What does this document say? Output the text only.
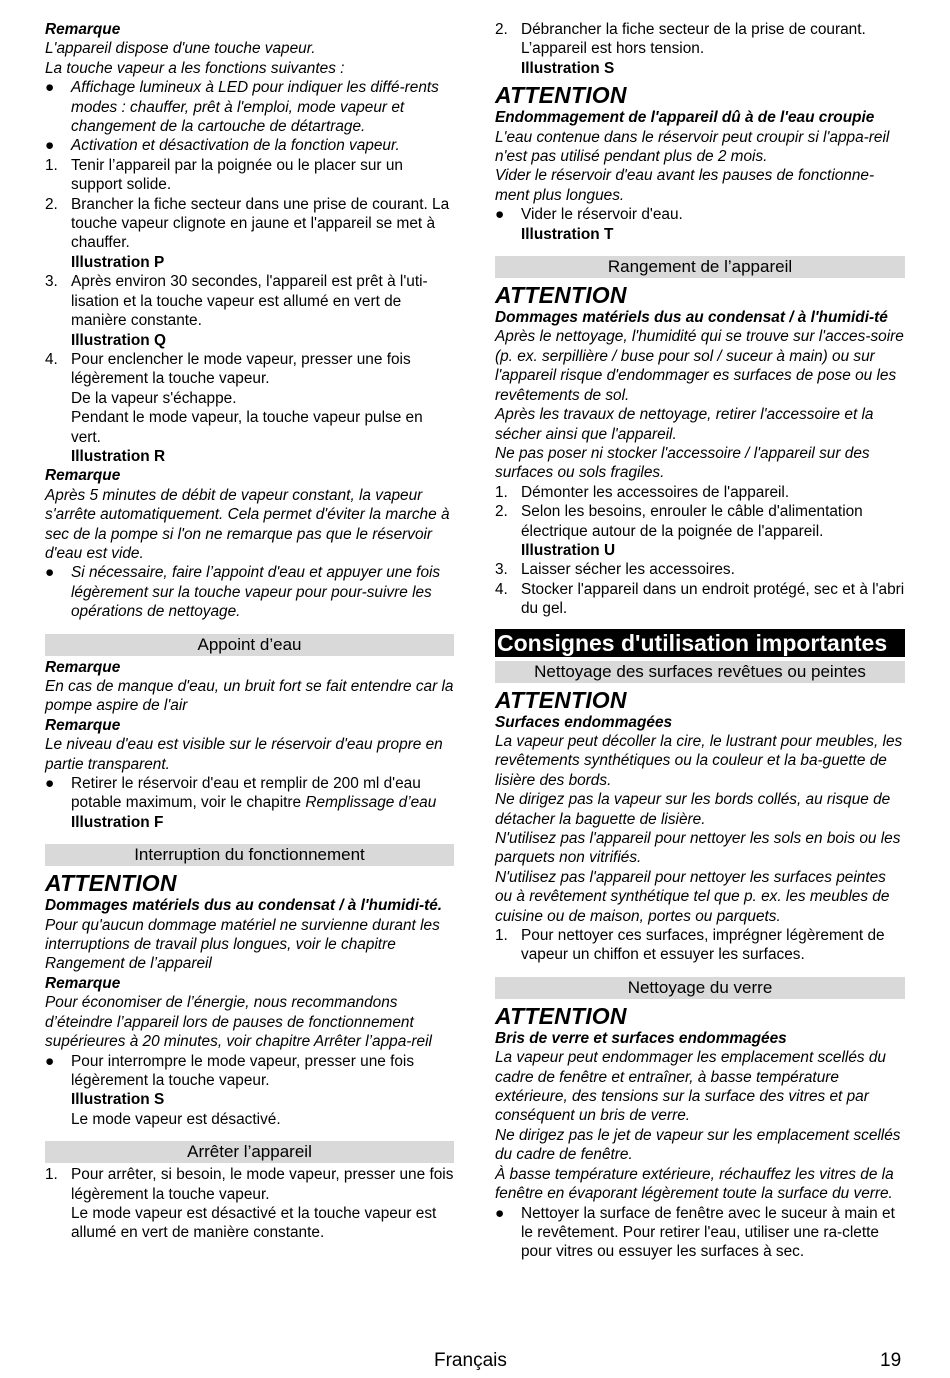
Remarque

L'appareil dispose d'une touche vapeur.

La touche vapeur a les fonctions suivantes :

● Affichage lumineux à LED pour indiquer les diffé-rents modes : chauffer, prêt à l'emploi, mode vapeur et changement de la cartouche de détartrage.
● Activation et désactivation de la fonction vapeur.
1. Tenir l’appareil par la poignée ou le placer sur un support solide.
2. Brancher la fiche secteur dans une prise de courant. La touche vapeur clignote en jaune et l'appareil se met à chauffer.

Illustration P

3. Après environ 30 secondes, l'appareil est prêt à l'uti-lisation et la touche vapeur est allumé en vert de manière constante.

Illustration Q

4. Pour enclencher le mode vapeur, presser une fois légèrement la touche vapeur.

De la vapeur s'échappe.

Pendant le mode vapeur, la touche vapeur pulse en vert.

Illustration R

Remarque

Après 5 minutes de débit de vapeur constant, la vapeur s'arrête automatiquement. Cela permet d'éviter la marche à sec de la pompe si l'on ne remarque pas que le réservoir d'eau est vide.

● Si nécessaire, faire l’appoint d'eau et appuyer une fois légèrement sur la touche vapeur pour pour-suivre les opérations de nettoyage.
Appoint d’eau

Remarque

En cas de manque d'eau, un bruit fort se fait entendre car la pompe aspire de l'air

Remarque

Le niveau d'eau est visible sur le réservoir d'eau propre en partie transparent.

● Retirer le réservoir d'eau et remplir de 200 ml d'eau potable maximum, voir le chapitre Remplissage d’eau

Illustration F

Interruption du fonctionnement

ATTENTION

Dommages matériels dus au condensat / à l'humidi-té.

Pour qu'aucun dommage matériel ne survienne durant les interruptions de travail plus longues, voir le chapitre Rangement de l’appareil

Remarque

Pour économiser de l’énergie, nous recommandons d’éteindre l’appareil lors de pauses de fonctionnement supérieures à 20 minutes, voir chapitre Arrêter l’appa-reil

● Pour interrompre le mode vapeur, presser une fois légèrement la touche vapeur.

Illustration S

Le mode vapeur est désactivé.

Arrêter l’appareil
1. Pour arrêter, si besoin, le mode vapeur, presser une fois légèrement la touche vapeur.

Le mode vapeur est désactivé et la touche vapeur est allumé en vert de manière constante.

2. Débrancher la fiche secteur de la prise de courant. L’appareil est hors tension.

Illustration S

ATTENTION

Endommagement de l'appareil dû à de l'eau croupie

L'eau contenue dans le réservoir peut croupir si l'appa-reil n'est pas utilisé pendant plus de 2 mois.

Vider le réservoir d'eau avant les pauses de fonctionne-ment plus longues.

● Vider le réservoir d'eau.

Illustration T

Rangement de l’appareil

ATTENTION

Dommages matériels dus au condensat / à l'humidi-té

Après le nettoyage, l'humidité qui se trouve sur l'acces-soire (p. ex. serpillière / buse pour sol / suceur à main) ou sur l'appareil risque d'endommager es surfaces de pose ou les revêtements de sol.

Après les travaux de nettoyage, retirer l'accessoire et la sécher ainsi que l'appareil.

Ne pas poser ni stocker l'accessoire / l'appareil sur des surfaces ou sols fragiles.

1. Démonter les accessoires de l'appareil.
2. Selon les besoins, enrouler le câble d'alimentation électrique autour de la poignée de l'appareil.

Illustration U

3. Laisser sécher les accessoires.
4. Stocker l'appareil dans un endroit protégé, sec et à l'abri du gel.
Consignes d'utilisation importantes
Nettoyage des surfaces revêtues ou peintes

ATTENTION

Surfaces endommagées

La vapeur peut décoller la cire, le lustrant pour meubles, les revêtements synthétiques ou la couleur et la ba-guette de lisière des bords.

Ne dirigez pas la vapeur sur les bords collés, au risque de détacher la baguette de lisière.

N'utilisez pas l'appareil pour nettoyer les sols en bois ou les parquets non vitrifiés.

N'utilisez pas l'appareil pour nettoyer les surfaces peintes ou à revêtement synthétique tel que p. ex. les meubles de cuisine ou de maison, portes ou parquets.

1. Pour nettoyer ces surfaces, imprégner légèrement de vapeur un chiffon et essuyer les surfaces.
Nettoyage du verre

ATTENTION

Bris de verre et surfaces endommagées

La vapeur peut endommager les emplacement scellés du cadre de fenêtre et entraîner, à basse température extérieure, des tensions sur la surface des vitres et par conséquent un bris de verre.

Ne dirigez pas le jet de vapeur sur les emplacement scellés du cadre de fenêtre.

À basse température extérieure, réchauffez les vitres de la fenêtre en évaporant légèrement toute la surface du verre.

● Nettoyer la surface de fenêtre avec le suceur à main et le revêtement. Pour retirer l'eau, utiliser une ra-clette pour vitres ou essuyer les surfaces à sec.
Français	19
